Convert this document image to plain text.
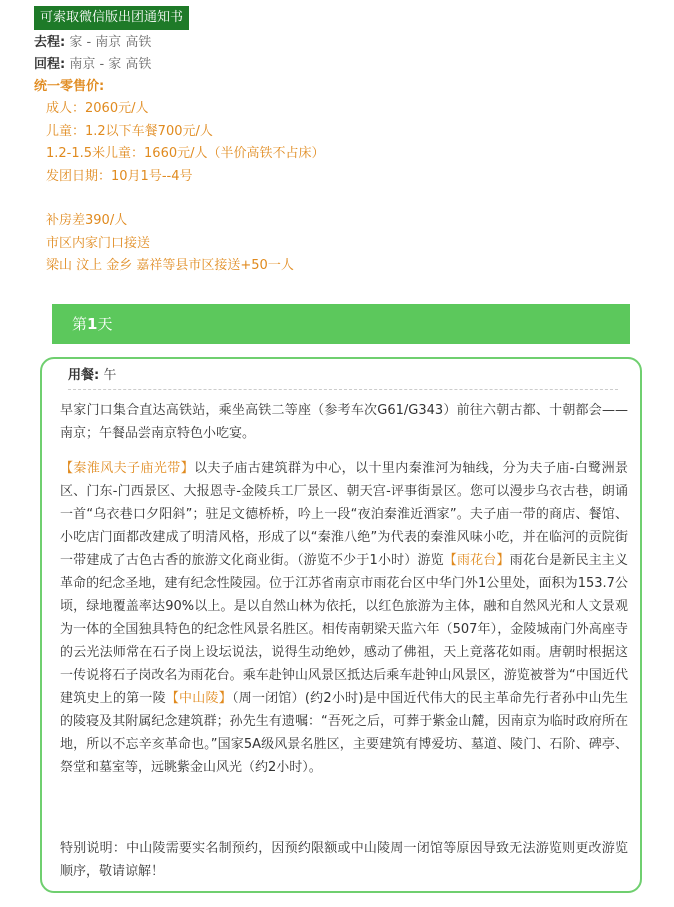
可索取微信版出团通知书
去程: 家 - 南京 高铁
回程: 南京 - 家 高铁
统一零售价:
成人：2060元/人
儿童：1.2以下车餐700元/人
1.2-1.5米儿童：1660元/人（半价高铁不占床）
发团日期：10月1号--4号
补房差390/人
市区内家门口接送
梁山 汶上 金乡 嘉祥等县市区接送+50一人
第1天
用餐: 午

早家门口集合直达高铁站，乘坐高铁二等座（参考车次G61/G343）前往六朝古都、十朝都会——南京；午餐品尝南京特色小吃宴。

【秦淮风夫子庙光带】以夫子庙古建筑群为中心，以十里内秦淮河为轴线，分为夫子庙-白鹭洲景区、门东-门西景区、大报恩寺-金陵兵工厂景区、朝天宫-评事街景区。您可以漫步乌衣古巷，朗诵一首“乌衣巷口夕阳斜”；驻足文德桥桥，吟上一段“夜泊秦淮近酒家”。夫子庙一带的商店、餐馆、小吃店门面都改建成了明清风格，形成了以“秦淮八绝”为代表的秦淮风味小吃，并在临河的贡院街一带建成了古色古香的旅游文化商业街。（游览不少于1小时）游览【雨花台】雨花台是新民主主义革命的纪念圣地，建有纪念性陵园。位于江苏省南京市雨花台区中华门外1公里处，面积为153.7公顷，绿地覆盖率达90%以上。是以自然山林为依托，以红色旅游为主体，融和自然风光和人文景观为一体的全国独具特色的纪念性风景名胜区。相传南朝梁天监六年（507年），金陵城南门外高座寺的云光法师常在石子岗上设坛说法，说得生动绝妙，感动了佛祖，天上竟落花如雨。唐朝时根据这一传说将石子岗改名为雨花台。乘车赴钟山风景区抵达后乘车赴钟山风景区，游览被誉为“中国近代建筑史上的第一陵【中山陵】（周一闭馆）(约2小时)是中国近代伟大的民主革命先行者孙中山先生的陵寝及其附属纪念建筑群；孙先生有遗嘱：“吾死之后，可葬于紫金山麓，因南京为临时政府所在地，所以不忘辛亥革命也。”国家5A级风景名胜区，主要建筑有博爱坊、墓道、陵门、石阶、碑亭、祭堂和墓室等，远眺紫金山风光（约2小时）。

特别说明：中山陵需要实名制预约，因预约限额或中山陵周一闭馆等原因导致无法游览则更改游览顺序，敬请谅解！
